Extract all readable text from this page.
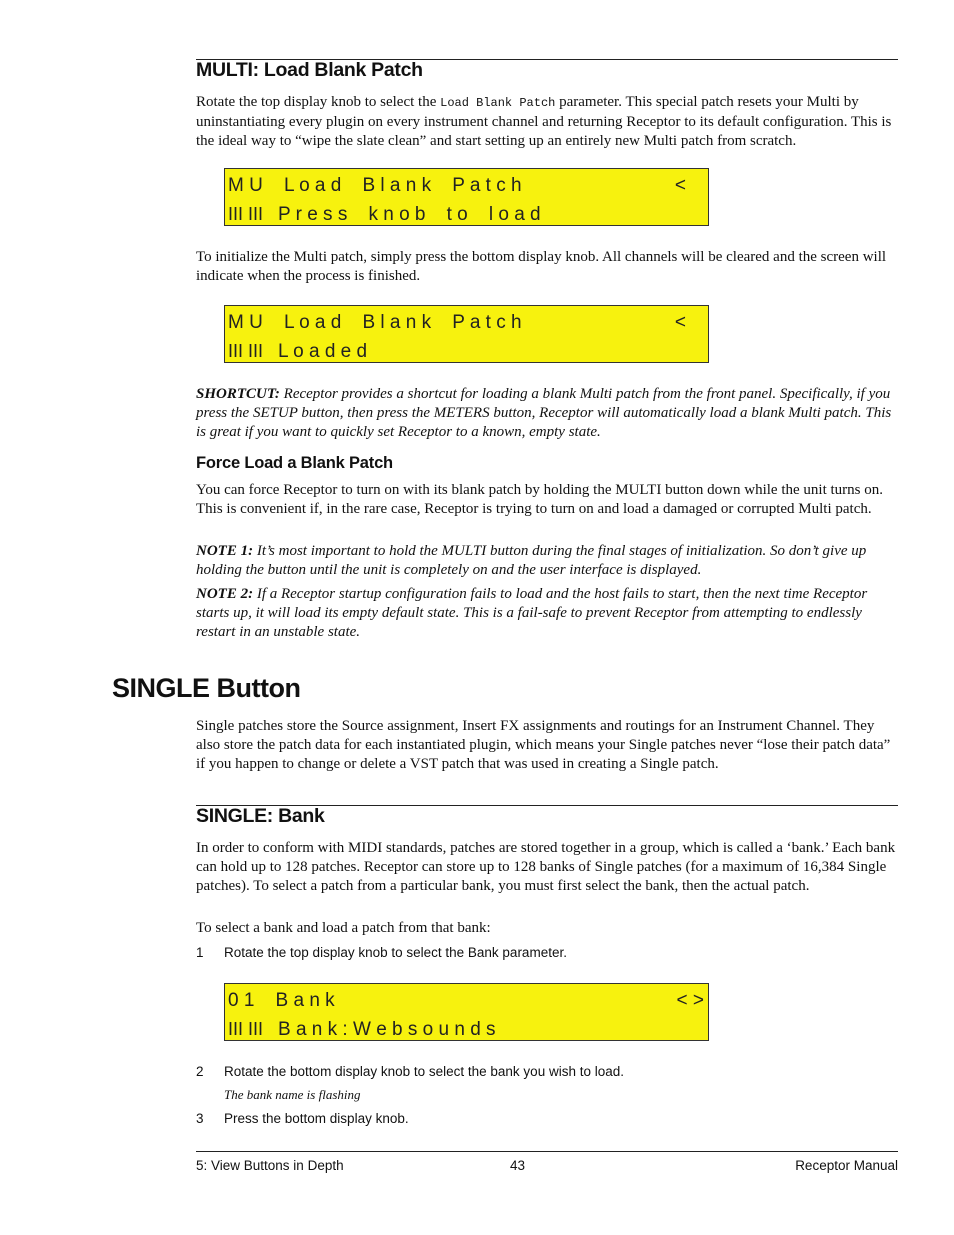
MULTI: Load Blank Patch

Rotate the top display knob to select the Load Blank Patch parameter. This special patch resets your Multi by uninstantiating every plugin on every instrument channel and returning Receptor to its default configuration. This is the ideal way to “wipe the slate clean” and start setting up an entirely new Multi patch from scratch.

M U    L o a d    B l a n k    P a t c h	<
III III P r e s s    k n o b    t o    l o a d

To initialize the Multi patch, simply press the bottom display knob. All channels will be cleared and the screen will indicate when the process is finished.

M U    L o a d    B l a n k    P a t c h	<
III III L o a d e d

SHORTCUT: Receptor provides a shortcut for loading a blank Multi patch from the front panel. Specifically, if you press the SETUP button, then press the METERS button, Receptor will automatically load a blank Multi patch. This is great if you want to quickly set Receptor to a known, empty state.

Force Load a Blank Patch

You can force Receptor to turn on with its blank patch by holding the MULTI button down while the unit turns on. This is convenient if, in the rare case, Receptor is trying to turn on and load a damaged or corrupted Multi patch.

NOTE 1: It’s most important to hold the MULTI button during the final stages of initialization. So don’t give up holding the button until the unit is completely on and the user interface is displayed.

NOTE 2: If a Receptor startup configuration fails to load and the host fails to start, then the next time Receptor starts up, it will load its empty default state. This is a fail-safe to prevent Receptor from attempting to endlessly restart in an unstable state.

SINGLE Button

Single patches store the Source assignment, Insert FX assignments and routings for an Instrument Channel. They also store the patch data for each instantiated plugin, which means your Single patches never “lose their patch data” if you happen to change or delete a VST patch that was used in creating a Single patch.

SINGLE: Bank

In order to conform with MIDI standards, patches are stored together in a group, which is called a ‘bank.’ Each bank can hold up to 128 patches. Receptor can store up to 128 banks of Single patches (for a maximum of 16,384 Single patches). To select a patch from a particular bank, you must first select the bank, then the actual patch.

To select a bank and load a patch from that bank:

1 Rotate the top display knob to select the Bank parameter.
0 1    B a n k	< >
III III B a n k : W e b s o u n d s
2 Rotate the bottom display knob to select the bank you wish to load.
The bank name is flashing
3 Press the bottom display knob.
5: View Buttons in Depth	43	Receptor Manual
